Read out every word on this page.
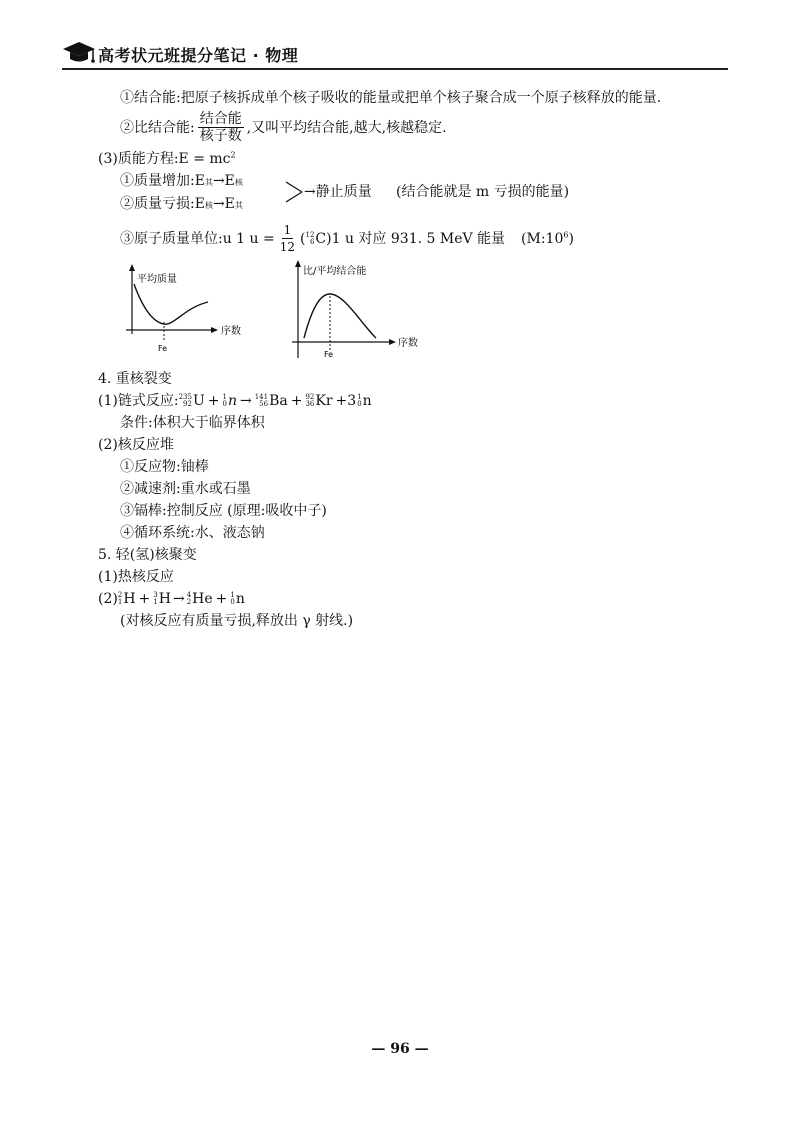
高考状元班提分笔记 · 物理
①结合能:把原子核拆成单个核子吸收的能量或把单个核子聚合成一个原子核释放的能量.
②比结合能: $\frac{\text{结合能}}{\text{核子数}}$ ,又叫平均结合能,越大,核越稳定.
(3)质能方程:E = $mc^2$
①质量增加:E其→E核
②质量亏损:E核→E其
→静止质量 (结合能就是 m 亏损的能量)
③原子质量单位:u 1 $u = \frac{1}{12}$ ( 12
6 C) 1 u 对应 931. 5 MeV 能量 $(M:10^6)$
平均质量
序数
Fe
比/平均结合能
序数
Fe
4. 重核裂变
(1)链式反应: 235
92 U + 1
0 n → 141
56 Ba + 92
36 Kr +3 1
0 n
条件:体积大于临界体积
(2)核反应堆
①反应物:铀棒
②减速剂:重水或石墨
③镉棒:控制反应 (原理:吸收中子)
④循环系统:水、液态钠
5. 轻(氢)核聚变
(1)热核反应
(2) 2
1 H + 3
1 H → 4
2 He + 1
0 n
(对核反应有质量亏损,释放出 γ 射线.)
— 96 —
